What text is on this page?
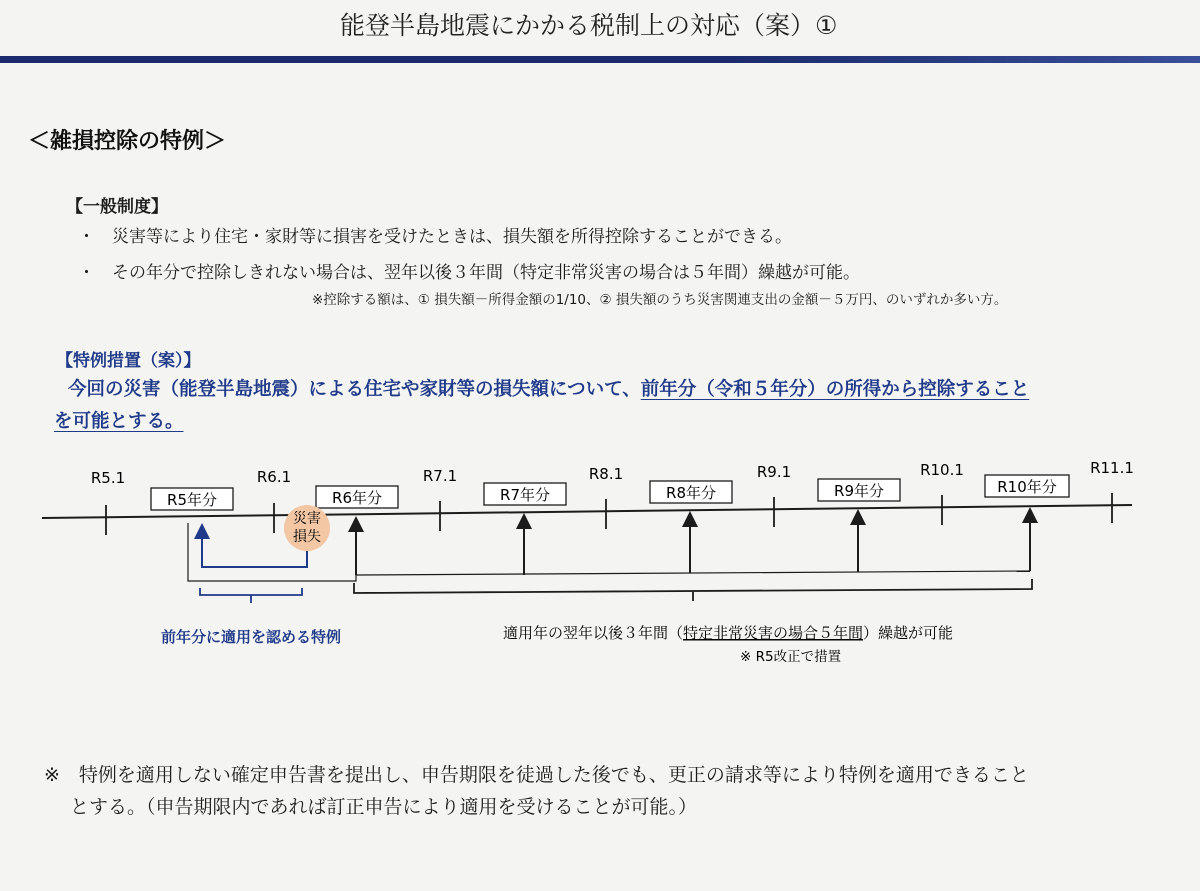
能登半島地震にかかる税制上の対応（案）①
＜雑損控除の特例＞
【一般制度】
・　災害等により住宅・家財等に損害を受けたときは、損失額を所得控除することができる。
・　その年分で控除しきれない場合は、翌年以後３年間（特定非常災害の場合は５年間）繰越が可能。
※控除する額は、① 損失額－所得金額の1/10、② 損失額のうち災害関連支出の金額－５万円、のいずれか多い方。
【特例措置（案）】
今回の災害（能登半島地震）による住宅や家財等の損失額について、前年分（令和５年分）の所得から控除すること
を可能とする。
R5.1	R6.1	R7.1	R8.1	R9.1	R10.1	R11.1
R5年分	R6年分	R7年分	R8年分	R9年分	R10年分
災害
損失
前年分に適用を認める特例	適用年の翌年以後３年間（特定非常災害の場合５年間）繰越が可能
※ R5改正で措置
※　特例を適用しない確定申告書を提出し、申告期限を徒過した後でも、更正の請求等により特例を適用できること
とする。（申告期限内であれば訂正申告により適用を受けることが可能。）
